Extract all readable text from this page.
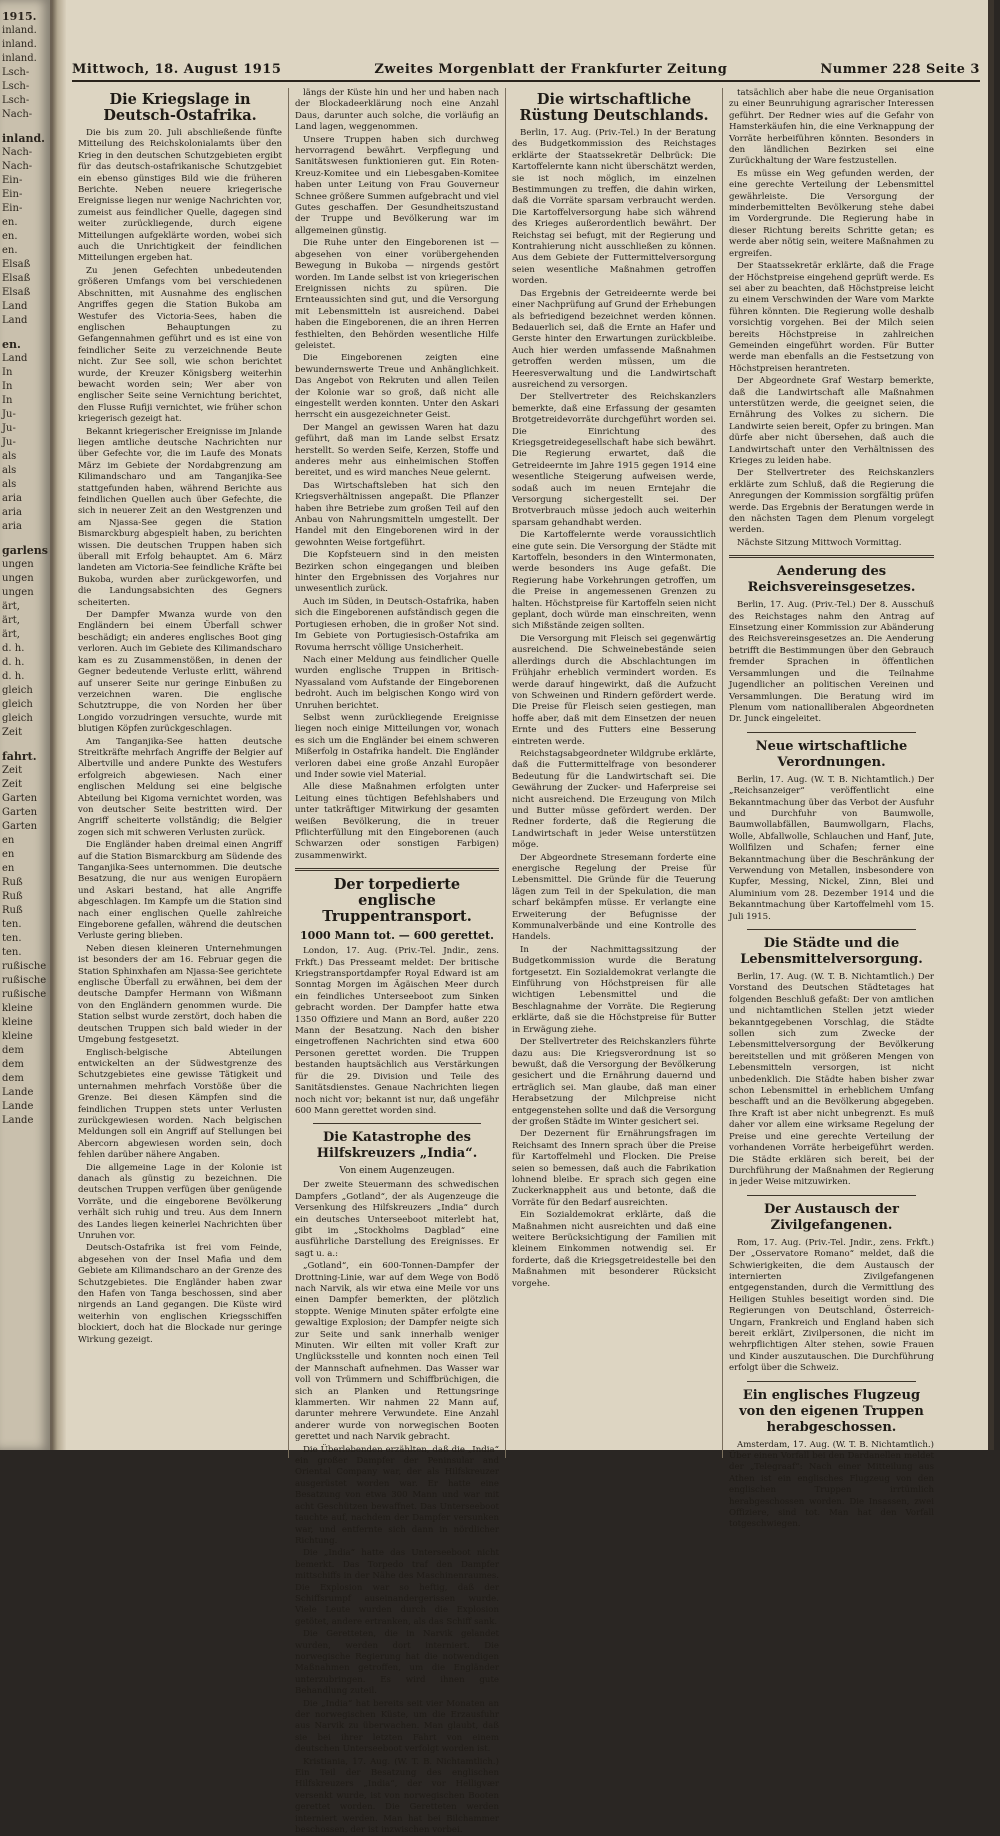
1915.
inland.
inland.
inland.
Lsch-
Lsch-
Lsch-
Nach-
inland.
Nach-
Nach-
Ein-
Ein-
Ein-
en.
en.
en.
Elsaß
Elsaß
Elsaß
Land
Land
en.
Land
In
In
In
Ju-
Ju-
Ju-
als
als
als
aria
aria
aria
garlens
ungen
ungen
ungen
ärt,
ärt,
ärt,
d. h.
d. h.
d. h.
gleich
gleich
gleich
Zeit
fahrt.
Zeit
Zeit
Garten
Garten
Garten
en
en
en
Ruß
Ruß
Ruß
ten.
ten.
ten.
rußische
rußische
rußische
kleine
kleine
kleine
dem
dem
dem
Lande
Lande
Lande
Mittwoch, 18. August 1915	Zweites Morgenblatt der Frankfurter Zeitung	Nummer 228 Seite 3
Die Kriegslage in Deutsch-Ostafrika.

Die bis zum 20. Juli abschließende fünfte Mitteilung des Reichskolonialamts über den Krieg in den deutschen Schutzgebieten ergibt für das deutsch-ostafrikanische Schutzgebiet ein ebenso günstiges Bild wie die früheren Berichte. Neben neuere kriegerische Ereignisse liegen nur wenige Nachrichten vor, zumeist aus feindlicher Quelle, dagegen sind weiter zurückliegende, durch eigene Mitteilungen aufgeklärte worden, wobei sich auch die Unrichtigkeit der feindlichen Mitteilungen ergeben hat.

Zu jenen Gefechten unbedeutenden größeren Umfangs vom bei verschiedenen Abschnitten, mit Ausnahme des englischen Angriffes gegen die Station Bukoba am Westufer des Victoria-Sees, haben die englischen Behauptungen zu Gefangennahmen geführt und es ist eine von feindlicher Seite zu verzeichnende Beute nicht. Zur See soll, wie schon berichtet wurde, der Kreuzer Königsberg weiterhin bewacht worden sein; Wer aber von englischer Seite seine Vernichtung berichtet, den Flusse Rufiji vernichtet, wie früher schon kriegerisch gezeigt hat.

Bekannt kriegerischer Ereignisse im Jnlande liegen amtliche deutsche Nachrichten nur über Gefechte vor, die im Laufe des Monats März im Gebiete der Nordabgrenzung am Kilimandscharo und am Tanganjika-See stattgefunden haben, während Berichte aus feindlichen Quellen auch über Gefechte, die sich in neuerer Zeit an den Westgrenzen und am Njassa-See gegen die Station Bismarckburg abgespielt haben, zu berichten wissen. Die deutschen Truppen haben sich überall mit Erfolg behauptet. Am 6. März landeten am Victoria-See feindliche Kräfte bei Bukoba, wurden aber zurückgeworfen, und die Landungsabsichten des Gegners scheiterten.

Der Dampfer Mwanza wurde von den Engländern bei einem Überfall schwer beschädigt; ein anderes englisches Boot ging verloren. Auch im Gebiete des Kilimandscharo kam es zu Zusammenstößen, in denen der Gegner bedeutende Verluste erlitt, während auf unserer Seite nur geringe Einbußen zu verzeichnen waren. Die englische Schutztruppe, die von Norden her über Longido vorzudringen versuchte, wurde mit blutigen Köpfen zurückgeschlagen.

Am Tanganjika-See hatten deutsche Streitkräfte mehrfach Angriffe der Belgier auf Albertville und andere Punkte des Westufers erfolgreich abgewiesen. Nach einer englischen Meldung sei eine belgische Abteilung bei Kigoma vernichtet worden, was von deutscher Seite bestritten wird. Der Angriff scheiterte vollständig; die Belgier zogen sich mit schweren Verlusten zurück.

Die Engländer haben dreimal einen Angriff auf die Station Bismarckburg am Südende des Tanganjika-Sees unternommen. Die deutsche Besatzung, die nur aus wenigen Europäern und Askari bestand, hat alle Angriffe abgeschlagen. Im Kampfe um die Station sind nach einer englischen Quelle zahlreiche Eingeborene gefallen, während die deutschen Verluste gering blieben.

Neben diesen kleineren Unternehmungen ist besonders der am 16. Februar gegen die Station Sphinxhafen am Njassa-See gerichtete englische Überfall zu erwähnen, bei dem der deutsche Dampfer Hermann von Wißmann von den Engländern genommen wurde. Die Station selbst wurde zerstört, doch haben die deutschen Truppen sich bald wieder in der Umgebung festgesetzt.

Englisch-belgische Abteilungen entwickelten an der Südwestgrenze des Schutzgebietes eine gewisse Tätigkeit und unternahmen mehrfach Vorstöße über die Grenze. Bei diesen Kämpfen sind die feindlichen Truppen stets unter Verlusten zurückgewiesen worden. Nach belgischen Meldungen soll ein Angriff auf Stellungen bei Abercorn abgewiesen worden sein, doch fehlen darüber nähere Angaben.

Die allgemeine Lage in der Kolonie ist danach als günstig zu bezeichnen. Die deutschen Truppen verfügen über genügende Vorräte, und die eingeborene Bevölkerung verhält sich ruhig und treu. Aus dem Innern des Landes liegen keinerlei Nachrichten über Unruhen vor.

Deutsch-Ostafrika ist frei vom Feinde, abgesehen von der Insel Mafia und dem Gebiete am Kilimandscharo an der Grenze des Schutzgebietes. Die Engländer haben zwar den Hafen von Tanga beschossen, sind aber nirgends an Land gegangen. Die Küste wird weiterhin von englischen Kriegsschiffen blockiert, doch hat die Blockade nur geringe Wirkung gezeigt.

längs der Küste hin und her und haben nach der Blockadeerklärung noch eine Anzahl Daus, darunter auch solche, die vorläufig an Land lagen, weggenommen.

Unsere Truppen haben sich durchweg hervorragend bewährt. Verpflegung und Sanitätswesen funktionieren gut. Ein Roten-Kreuz-Komitee und ein Liebesgaben-Komitee haben unter Leitung von Frau Gouverneur Schnee größere Summen aufgebracht und viel Gutes geschaffen. Der Gesundheitszustand der Truppe und Bevölkerung war im allgemeinen günstig.

Die Ruhe unter den Eingeborenen ist — abgesehen von einer vorübergehenden Bewegung in Bukoba — nirgends gestört worden. Im Lande selbst ist von kriegerischen Ereignissen nichts zu spüren. Die Ernteaussichten sind gut, und die Versorgung mit Lebensmitteln ist ausreichend. Dabei haben die Eingeborenen, die an ihren Herren festhielten, den Behörden wesentliche Hilfe geleistet.

Die Eingeborenen zeigten eine bewundernswerte Treue und Anhänglichkeit. Das Angebot von Rekruten und allen Teilen der Kolonie war so groß, daß nicht alle eingestellt werden konnten. Unter den Askari herrscht ein ausgezeichneter Geist.

Der Mangel an gewissen Waren hat dazu geführt, daß man im Lande selbst Ersatz herstellt. So werden Seife, Kerzen, Stoffe und anderes mehr aus einheimischen Stoffen bereitet, und es wird manches Neue gelernt.

Das Wirtschaftsleben hat sich den Kriegsverhältnissen angepaßt. Die Pflanzer haben ihre Betriebe zum großen Teil auf den Anbau von Nahrungsmitteln umgestellt. Der Handel mit den Eingeborenen wird in der gewohnten Weise fortgeführt.

Die Kopfsteuern sind in den meisten Bezirken schon eingegangen und bleiben hinter den Ergebnissen des Vorjahres nur unwesentlich zurück.

Auch im Süden, in Deutsch-Ostafrika, haben sich die Eingeborenen aufständisch gegen die Portugiesen erhoben, die in großer Not sind. Im Gebiete von Portugiesisch-Ostafrika am Rovuma herrscht völlige Unsicherheit.

Nach einer Meldung aus feindlicher Quelle wurden englische Truppen in Britisch-Nyassaland vom Aufstande der Eingeborenen bedroht. Auch im belgischen Kongo wird von Unruhen berichtet.

Selbst wenn zurückliegende Ereignisse liegen noch einige Mitteilungen vor, wonach es sich um die Engländer bei einem schweren Mißerfolg in Ostafrika handelt. Die Engländer verloren dabei eine große Anzahl Europäer und Inder sowie viel Material.

Alle diese Maßnahmen erfolgten unter Leitung eines tüchtigen Befehlshabers und unter tatkräftiger Mitwirkung der gesamten weißen Bevölkerung, die in treuer Pflichterfüllung mit den Eingeborenen (auch Schwarzen oder sonstigen Farbigen) zusammenwirkt.

Der torpedierte englische Truppentransport.
1000 Mann tot. — 600 gerettet.

London, 17. Aug. (Priv.-Tel. Jndir., zens. Frkft.) Das Presseamt meldet: Der britische Kriegstransportdampfer Royal Edward ist am Sonntag Morgen im Ägäischen Meer durch ein feindliches Unterseeboot zum Sinken gebracht worden. Der Dampfer hatte etwa 1350 Offiziere und Mann an Bord, außer 220 Mann der Besatzung. Nach den bisher eingetroffenen Nachrichten sind etwa 600 Personen gerettet worden. Die Truppen bestanden hauptsächlich aus Verstärkungen für die 29. Division und Teile des Sanitätsdienstes. Genaue Nachrichten liegen noch nicht vor; bekannt ist nur, daß ungefähr 600 Mann gerettet worden sind.

Die Katastrophe des Hilfskreuzers „India“.
Von einem Augenzeugen.

Der zweite Steuermann des schwedischen Dampfers „Gotland“, der als Augenzeuge die Versenkung des Hilfskreuzers „India“ durch ein deutsches Unterseeboot miterlebt hat, gibt im „Stockholms Dagblad“ eine ausführliche Darstellung des Ereignisses. Er sagt u. a.:

„Gotland“, ein 600-Tonnen-Dampfer der Drottning-Linie, war auf dem Wege von Bodö nach Narvik, als wir etwa eine Meile vor uns einen Dampfer bemerkten, der plötzlich stoppte. Wenige Minuten später erfolgte eine gewaltige Explosion; der Dampfer neigte sich zur Seite und sank innerhalb weniger Minuten. Wir eilten mit voller Kraft zur Unglücksstelle und konnten noch einen Teil der Mannschaft aufnehmen. Das Wasser war voll von Trümmern und Schiffbrüchigen, die sich an Planken und Rettungsringe klammerten. Wir nahmen 22 Mann auf, darunter mehrere Verwundete. Eine Anzahl anderer wurde von norwegischen Booten gerettet und nach Narvik gebracht.

Die Überlebenden erzählten, daß die „India“ ein großer Dampfer der Peninsular and Oriental Company war, der als Hilfskreuzer ausgerüstet worden war. Er hatte eine Besatzung von etwa 300 Mann und war mit acht Geschützen bewaffnet. Das Unterseeboot tauchte auf, nachdem der Dampfer versunken war, und entfernte sich dann in nördlicher Richtung.

Die „India“ hatte das Unterseeboot nicht bemerkt. Das Torpedo traf den Dampfer mittschiffs in der Nähe des Maschinenraumes. Die Explosion war so heftig, daß der Schiffsrumpf auseinandergerissen wurde. Viele Leute wurden durch die Explosion getötet, andere ertranken, als das Schiff sank.

Die Geretteten, die in Narvik gelandet wurden, werden dort interniert. Die norwegische Regierung hat die notwendigen Maßnahmen getroffen, um die Engländer unterzubringen. Es wird ihnen gute Behandlung zuteil.

Die „India“ hat bereits seit vier Monaten an der norwegischen Küste, um die Erzausfuhr aus Narvik zu überwachen. Man glaubt, daß sie bei ihrer letzten Fahrt von einem deutschen Unterseeboot verfolgt worden ist.

Kristiania, 17. Aug. (W. T. B. Nichtamtlich.) Ein Teil der Besatzung des englischen Hilfskreuzers „India“, der vor Helligvær versenkt wurde, ist von norwegischen Booten gerettet worden. Die Geretteten werden interniert werden. Man hat bei Bilchammer beschossen, der ist inzwischen vorbei.

Die wirtschaftliche Rüstung Deutschlands.

Berlin, 17. Aug. (Priv.-Tel.) In der Beratung des Budgetkommission des Reichstages erklärte der Staatssekretär Delbrück: Die Kartoffelernte kann nicht überschätzt werden, sie ist noch möglich, im einzelnen Bestimmungen zu treffen, die dahin wirken, daß die Vorräte sparsam verbraucht werden. Die Kartoffelversorgung habe sich während des Krieges außerordentlich bewährt. Der Reichstag sei befugt, mit der Regierung und Kontrahierung nicht ausschließen zu können. Aus dem Gebiete der Futtermittelversorgung seien wesentliche Maßnahmen getroffen worden.

Das Ergebnis der Getreideernte werde bei einer Nachprüfung auf Grund der Erhebungen als befriedigend bezeichnet werden können. Bedauerlich sei, daß die Ernte an Hafer und Gerste hinter den Erwartungen zurückbleibe. Auch hier werden umfassende Maßnahmen getroffen werden müssen, um die Heeresverwaltung und die Landwirtschaft ausreichend zu versorgen.

Der Stellvertreter des Reichskanzlers bemerkte, daß eine Erfassung der gesamten Brotgetreidevorräte durchgeführt worden sei. Die Einrichtung des Kriegsgetreidegesellschaft habe sich bewährt. Die Regierung erwartet, daß die Getreideernte im Jahre 1915 gegen 1914 eine wesentliche Steigerung aufweisen werde, sodaß auch im neuen Erntejahr die Versorgung sichergestellt sei. Der Brotverbrauch müsse jedoch auch weiterhin sparsam gehandhabt werden.

Die Kartoffelernte werde voraussichtlich eine gute sein. Die Versorgung der Städte mit Kartoffeln, besonders in den Wintermonaten, werde besonders ins Auge gefaßt. Die Regierung habe Vorkehrungen getroffen, um die Preise in angemessenen Grenzen zu halten. Höchstpreise für Kartoffeln seien nicht geplant, doch würde man einschreiten, wenn sich Mißstände zeigen sollten.

Die Versorgung mit Fleisch sei gegenwärtig ausreichend. Die Schweinebestände seien allerdings durch die Abschlachtungen im Frühjahr erheblich vermindert worden. Es werde darauf hingewirkt, daß die Aufzucht von Schweinen und Rindern gefördert werde. Die Preise für Fleisch seien gestiegen, man hoffe aber, daß mit dem Einsetzen der neuen Ernte und des Futters eine Besserung eintreten werde.

Reichstagsabgeordneter Wildgrube erklärte, daß die Futtermittelfrage von besonderer Bedeutung für die Landwirtschaft sei. Die Gewährung der Zucker- und Haferpreise sei nicht ausreichend. Die Erzeugung von Milch und Butter müsse gefördert werden. Der Redner forderte, daß die Regierung die Landwirtschaft in jeder Weise unterstützen möge.

Der Abgeordnete Stresemann forderte eine energische Regelung der Preise für Lebensmittel. Die Gründe für die Teuerung lägen zum Teil in der Spekulation, die man scharf bekämpfen müsse. Er verlangte eine Erweiterung der Befugnisse der Kommunalverbände und eine Kontrolle des Handels.

In der Nachmittagssitzung der Budgetkommission wurde die Beratung fortgesetzt. Ein Sozialdemokrat verlangte die Einführung von Höchstpreisen für alle wichtigen Lebensmittel und die Beschlagnahme der Vorräte. Die Regierung erklärte, daß sie die Höchstpreise für Butter in Erwägung ziehe.

Der Stellvertreter des Reichskanzlers führte dazu aus: Die Kriegsverordnung ist so bewußt, daß die Versorgung der Bevölkerung gesichert und die Ernährung dauernd und erträglich sei. Man glaube, daß man einer Herabsetzung der Milchpreise nicht entgegenstehen sollte und daß die Versorgung der großen Städte im Winter gesichert sei.

Der Dezernent für Ernährungsfragen im Reichsamt des Innern sprach über die Preise für Kartoffelmehl und Flocken. Die Preise seien so bemessen, daß auch die Fabrikation lohnend bleibe. Er sprach sich gegen eine Zuckerknappheit aus und betonte, daß die Vorräte für den Bedarf ausreichten.

Ein Sozialdemokrat erklärte, daß die Maßnahmen nicht ausreichten und daß eine weitere Berücksichtigung der Familien mit kleinem Einkommen notwendig sei. Er forderte, daß die Kriegsgetreidestelle bei den Maßnahmen mit besonderer Rücksicht vorgehe.

tatsächlich aber habe die neue Organisation zu einer Beunruhigung agrarischer Interessen geführt. Der Redner wies auf die Gefahr von Hamsterkäufen hin, die eine Verknappung der Vorräte herbeiführen könnten. Besonders in den ländlichen Bezirken sei eine Zurückhaltung der Ware festzustellen.

Es müsse ein Weg gefunden werden, der eine gerechte Verteilung der Lebensmittel gewährleiste. Die Versorgung der minderbemittelten Bevölkerung stehe dabei im Vordergrunde. Die Regierung habe in dieser Richtung bereits Schritte getan; es werde aber nötig sein, weitere Maßnahmen zu ergreifen.

Der Staatssekretär erklärte, daß die Frage der Höchstpreise eingehend geprüft werde. Es sei aber zu beachten, daß Höchstpreise leicht zu einem Verschwinden der Ware vom Markte führen könnten. Die Regierung wolle deshalb vorsichtig vorgehen. Bei der Milch seien bereits Höchstpreise in zahlreichen Gemeinden eingeführt worden. Für Butter werde man ebenfalls an die Festsetzung von Höchstpreisen herantreten.

Der Abgeordnete Graf Westarp bemerkte, daß die Landwirtschaft alle Maßnahmen unterstützen werde, die geeignet seien, die Ernährung des Volkes zu sichern. Die Landwirte seien bereit, Opfer zu bringen. Man dürfe aber nicht übersehen, daß auch die Landwirtschaft unter den Verhältnissen des Krieges zu leiden habe.

Der Stellvertreter des Reichskanzlers erklärte zum Schluß, daß die Regierung die Anregungen der Kommission sorgfältig prüfen werde. Das Ergebnis der Beratungen werde in den nächsten Tagen dem Plenum vorgelegt werden.

Nächste Sitzung Mittwoch Vormittag.

Aenderung des Reichsvereinsgesetzes.

Berlin, 17. Aug. (Priv.-Tel.) Der 8. Ausschuß des Reichstages nahm den Antrag auf Einsetzung einer Kommission zur Abänderung des Reichsvereinsgesetzes an. Die Aenderung betrifft die Bestimmungen über den Gebrauch fremder Sprachen in öffentlichen Versammlungen und die Teilnahme Jugendlicher an politischen Vereinen und Versammlungen. Die Beratung wird im Plenum vom nationalliberalen Abgeordneten Dr. Junck eingeleitet.

Neue wirtschaftliche Verordnungen.

Berlin, 17. Aug. (W. T. B. Nichtamtlich.) Der „Reichsanzeiger“ veröffentlicht eine Bekanntmachung über das Verbot der Ausfuhr und Durchfuhr von Baumwolle, Baumwollabfällen, Baumwollgarn, Flachs, Wolle, Abfallwolle, Schlauchen und Hanf, Jute, Wollfilzen und Schafen; ferner eine Bekanntmachung über die Beschränkung der Verwendung von Metallen, insbesondere von Kupfer, Messing, Nickel, Zinn, Blei und Aluminium vom 28. Dezember 1914 und die Bekanntmachung über Kartoffelmehl vom 15. Juli 1915.

Die Städte und die Lebensmittelversorgung.

Berlin, 17. Aug. (W. T. B. Nichtamtlich.) Der Vorstand des Deutschen Städtetages hat folgenden Beschluß gefaßt: Der von amtlichen und nichtamtlichen Stellen jetzt wieder bekanntgegebenen Vorschlag, die Städte sollen sich zum Zwecke der Lebensmittelversorgung der Bevölkerung bereitstellen und mit größeren Mengen von Lebensmitteln versorgen, ist nicht unbedenklich. Die Städte haben bisher zwar schon Lebensmittel in erheblichem Umfang beschafft und an die Bevölkerung abgegeben. Ihre Kraft ist aber nicht unbegrenzt. Es muß daher vor allem eine wirksame Regelung der Preise und eine gerechte Verteilung der vorhandenen Vorräte herbeigeführt werden. Die Städte erklären sich bereit, bei der Durchführung der Maßnahmen der Regierung in jeder Weise mitzuwirken.

Der Austausch der Zivilgefangenen.

Rom, 17. Aug. (Priv.-Tel. Jndir., zens. Frkft.) Der „Osservatore Romano“ meldet, daß die Schwierigkeiten, die dem Austausch der internierten Zivilgefangenen entgegenstanden, durch die Vermittlung des Heiligen Stuhles beseitigt worden sind. Die Regierungen von Deutschland, Österreich-Ungarn, Frankreich und England haben sich bereit erklärt, Zivilpersonen, die nicht im wehrpflichtigen Alter stehen, sowie Frauen und Kinder auszutauschen. Die Durchführung erfolgt über die Schweiz.

Ein englisches Flugzeug von den eigenen Truppen herabgeschossen.

Amsterdam, 17. Aug. (W. T. B. Nichtamtlich.) Über einen Vorfall bei den Dardanellen meldet der „Telegraaf“: Nach einer Mitteilung aus Athen ist ein englisches Flugzeug von den englischen Truppen irrtümlich herabgeschossen worden. Die Insassen, zwei Offiziere, sind tot. Man hat den Vorfall totgeschwiegen.
